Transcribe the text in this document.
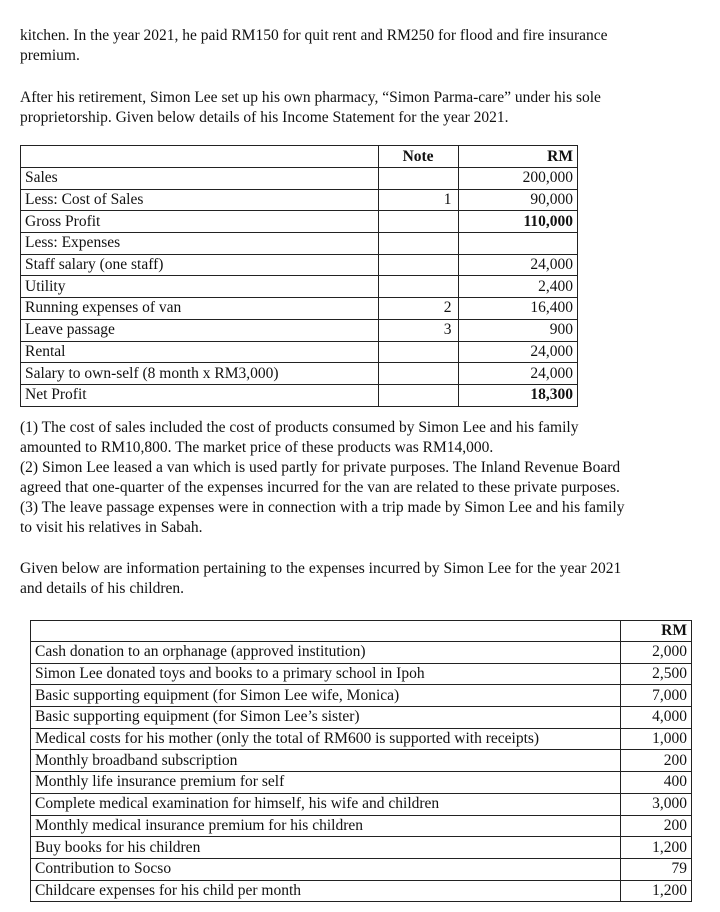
kitchen. In the year 2021, he paid RM150 for quit rent and RM250 for flood and fire insurance
premium.

After his retirement, Simon Lee set up his own pharmacy, “Simon Parma-care” under his sole
proprietorship. Given below details of his Income Statement for the year 2021.

	Note	RM
Sales		200,000
Less: Cost of Sales	1	90,000
Gross Profit		110,000
Less: Expenses		
Staff salary (one staff)		24,000
Utility		2,400
Running expenses of van	2	16,400
Leave passage	3	900
Rental		24,000
Salary to own-self (8 month x RM3,000)		24,000
Net Profit		18,300

(1) The cost of sales included the cost of products consumed by Simon Lee and his family
amounted to RM10,800. The market price of these products was RM14,000.
(2) Simon Lee leased a van which is used partly for private purposes. The Inland Revenue Board
agreed that one-quarter of the expenses incurred for the van are related to these private purposes.
(3) The leave passage expenses were in connection with a trip made by Simon Lee and his family
to visit his relatives in Sabah.

Given below are information pertaining to the expenses incurred by Simon Lee for the year 2021
and details of his children.

	RM
Cash donation to an orphanage (approved institution)	2,000
Simon Lee donated toys and books to a primary school in Ipoh	2,500
Basic supporting equipment (for Simon Lee wife, Monica)	7,000
Basic supporting equipment (for Simon Lee’s sister)	4,000
Medical costs for his mother (only the total of RM600 is supported with receipts)	1,000
Monthly broadband subscription	200
Monthly life insurance premium for self	400
Complete medical examination for himself, his wife and children	3,000
Monthly medical insurance premium for his children	200
Buy books for his children	1,200
Contribution to Socso	79
Childcare expenses for his child per month	1,200
